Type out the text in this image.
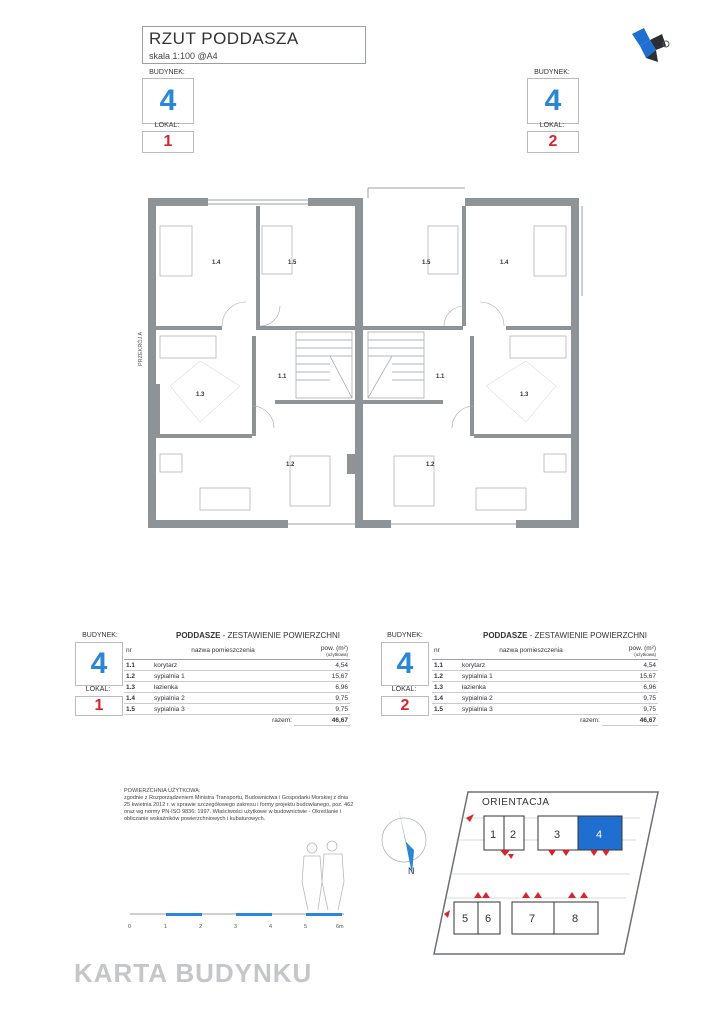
RZUT PODDASZA
skala 1:100 @A4
BUDYNEK:
4
LOKAL:
1
BUDYNEK:
4
LOKAL:
2
PRZEKRÓJ A
1.4	1.5
1.1
1.3
1.2
1.5	1.4
1.1
1.3
1.2
BUDYNEK:
4
LOKAL:
1
PODDASZE - ZESTAWIENIE POWIERZCHNI
nr	nazwa pomieszczenia	pow. (m²)
(użytkowa)

1.1	korytarz	4,54
1.2	sypialnia 1	15,67
1.3	łazienka	6,96
1.4	sypialnia 2	9,75
1.5	sypialnia 3	9,75
	razem:	46,67
BUDYNEK:
4
LOKAL:
2
PODDASZE - ZESTAWIENIE POWIERZCHNI
nr	nazwa pomieszczenia	pow. (m²)
(użytkowa)

1.1	korytarz	4,54
1.2	sypialnia 1	15,67
1.3	łazienka	6,96
1.4	sypialnia 2	9,75
1.5	sypialnia 3	9,75
	razem:	46,67
POWIERZCHNIA UŻYTKOWA:
zgodnie z Rozporządzeniem Ministra Transportu, Budownictwa i Gospodarki Morskiej z dnia 25 kwietnia 2012 r. w sprawie szczegółowego zakresu i formy projektu budowlanego, poz. 462 oraz wg normy PN-ISO 9836: 1997. Właściwości użytkowe w budownictwie - Określanie i obliczanie wskaźników powierzchniowych i kubaturowych.
0	1	2	3	4	5	6m
N
ORIENTACJA
1 2	3	4
5 6	7	8
KARTA BUDYNKU
